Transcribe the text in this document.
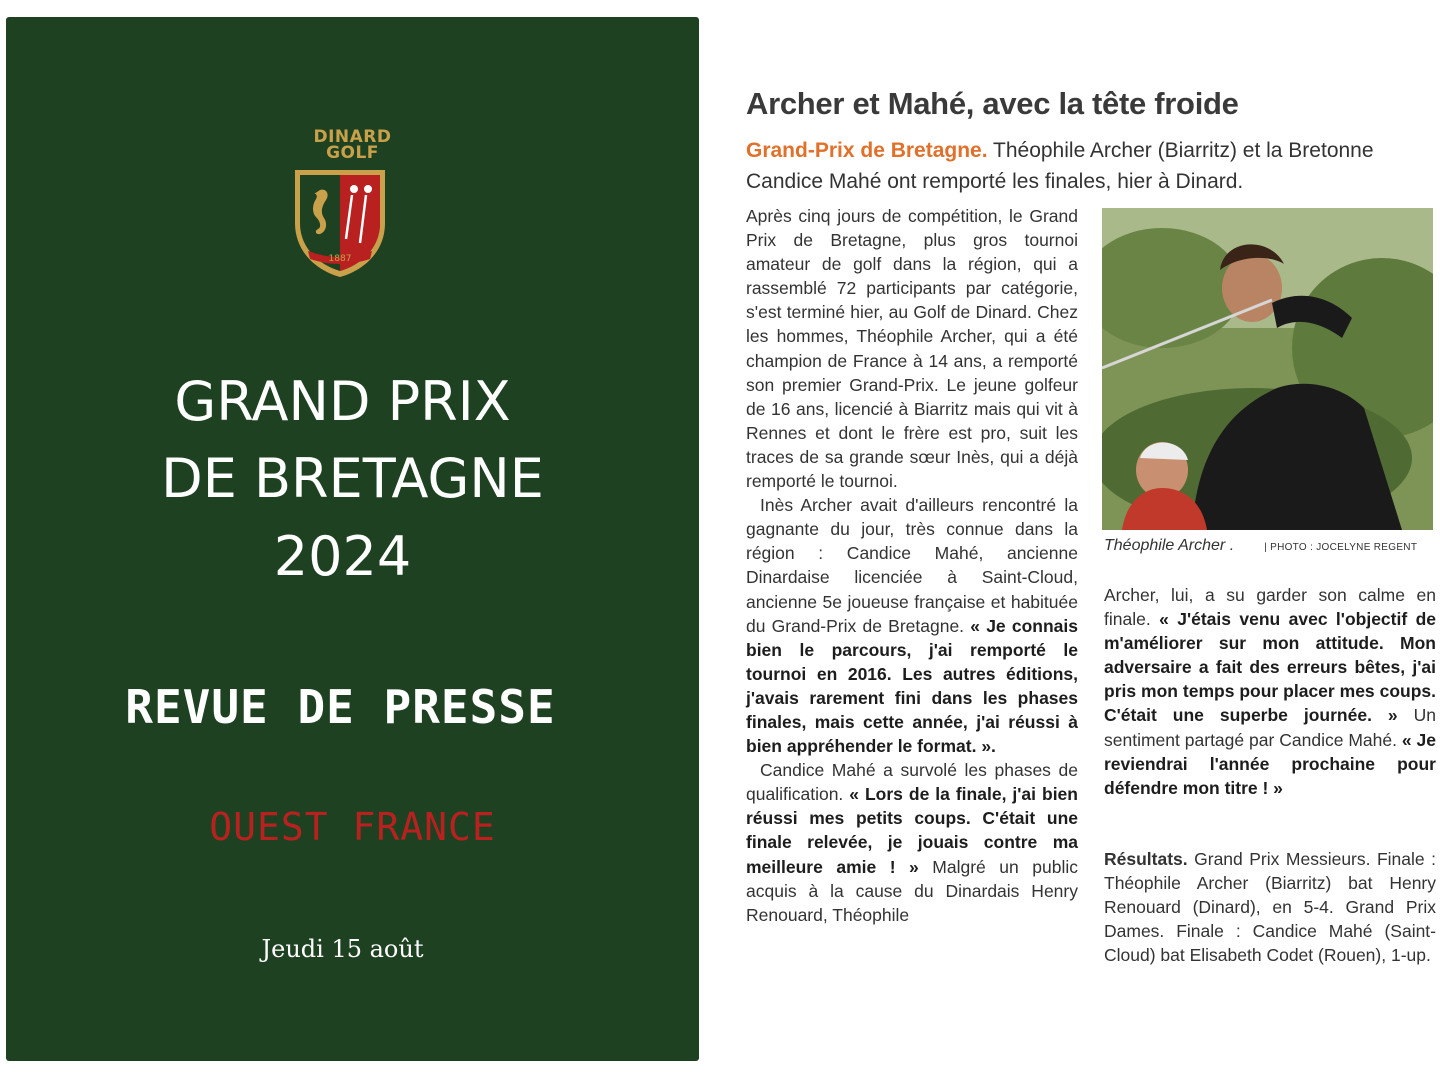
DINARD
GOLF
1887
GRAND PRIX
DE BRETAGNE
2024
REVUE DE PRESSE
OUEST FRANCE
Jeudi 15 août
Archer et Mahé, avec la tête froide
Grand-Prix de Bretagne. Théophile Archer (Biarritz) et la Bretonne Candice Mahé ont remporté les finales, hier à Dinard.

Après cinq jours de compétition, le Grand Prix de Bretagne, plus gros tournoi amateur de golf dans la région, qui a rassemblé 72 participants par catégorie, s'est terminé hier, au Golf de Dinard. Chez les hommes, Théophile Archer, qui a été champion de France à 14 ans, a remporté son premier Grand-Prix. Le jeune golfeur de 16 ans, licencié à Biarritz mais qui vit à Rennes et dont le frère est pro, suit les traces de sa grande sœur Inès, qui a déjà remporté le tournoi.

Inès Archer avait d'ailleurs rencontré la gagnante du jour, très connue dans la région : Candice Mahé, ancienne Dinardaise licenciée à Saint-Cloud, ancienne 5e joueuse française et habituée du Grand-Prix de Bretagne. « Je connais bien le parcours, j'ai remporté le tournoi en 2016. Les autres éditions, j'avais rarement fini dans les phases finales, mais cette année, j'ai réussi à bien appréhender le format. ».

Candice Mahé a survolé les phases de qualification. « Lors de la finale, j'ai bien réussi mes petits coups. C'était une finale relevée, je jouais contre ma meilleure amie ! » Malgré un public acquis à la cause du Dinardais Henry Renouard, Théophile

Théophile Archer .	| PHOTO : JOCELYNE REGENT

Archer, lui, a su garder son calme en finale. « J'étais venu avec l'objectif de m'améliorer sur mon attitude. Mon adversaire a fait des erreurs bêtes, j'ai pris mon temps pour placer mes coups. C'était une superbe journée. » Un sentiment partagé par Candice Mahé. « Je reviendrai l'année prochaine pour défendre mon titre ! »

Résultats. Grand Prix Messieurs. Finale : Théophile Archer (Biarritz) bat Henry Renouard (Dinard), en 5-4. Grand Prix Dames. Finale : Candice Mahé (Saint-Cloud) bat Elisabeth Codet (Rouen), 1-up.
